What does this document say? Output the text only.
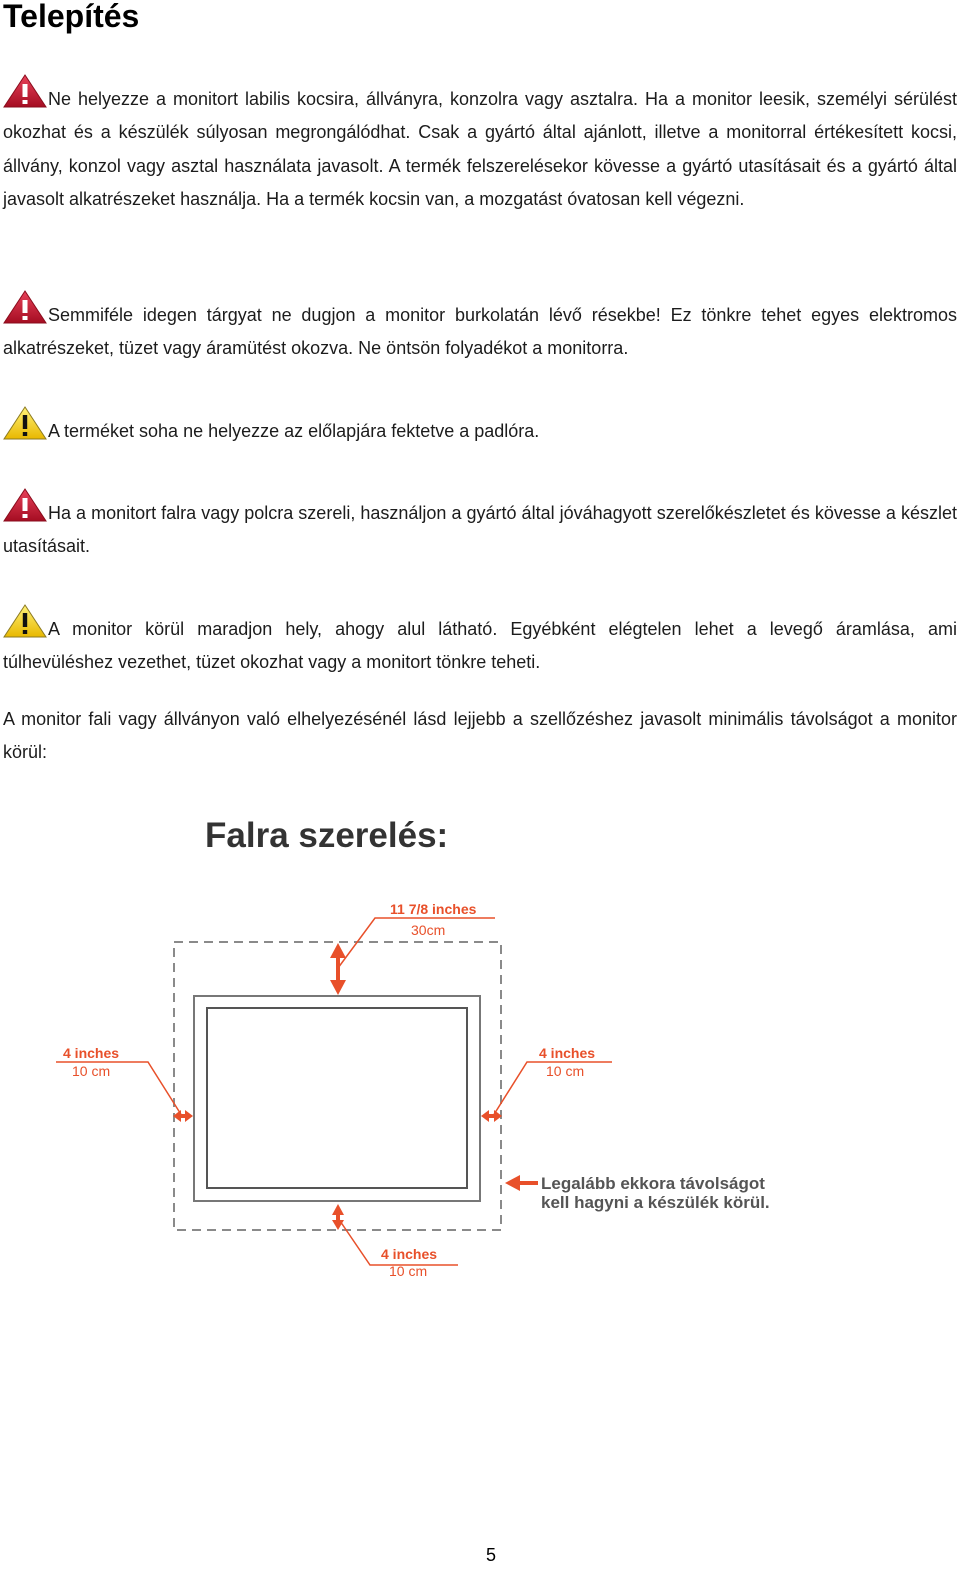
Telepítés

Ne helyezze a monitort labilis kocsira, állványra, konzolra vagy asztalra. Ha a monitor leesik, személyi sérülést okozhat és a készülék súlyosan megrongálódhat. Csak a gyártó által ajánlott, illetve a monitorral értékesített kocsi, állvány, konzol vagy asztal használata javasolt. A termék felszerelésekor kövesse a gyártó utasításait és a gyártó által javasolt alkatrészeket használja. Ha a termék kocsin van, a mozgatást óvatosan kell végezni.

Semmiféle idegen tárgyat ne dugjon a monitor burkolatán lévő résekbe! Ez tönkre tehet egyes elektromos alkatrészeket, tüzet vagy áramütést okozva. Ne öntsön folyadékot a monitorra.

A terméket soha ne helyezze az előlapjára fektetve a padlóra.

Ha a monitort falra vagy polcra szereli, használjon a gyártó által jóváhagyott szerelőkészletet és kövesse a készlet utasításait.

A monitor körül maradjon hely, ahogy alul látható. Egyébként elégtelen lehet a levegő áramlása, ami túlhevüléshez vezethet, tüzet okozhat vagy a monitort tönkre teheti.

A monitor fali vagy állványon való elhelyezésénél lásd lejjebb a szellőzéshez javasolt minimális távolságot a monitor körül:

Falra szerelés:
11 7/8 inches
30cm
4 inches
10 cm
4 inches
10 cm
4 inches
10 cm
Legalább ekkora távolságot
kell hagyni a készülék körül.
5
